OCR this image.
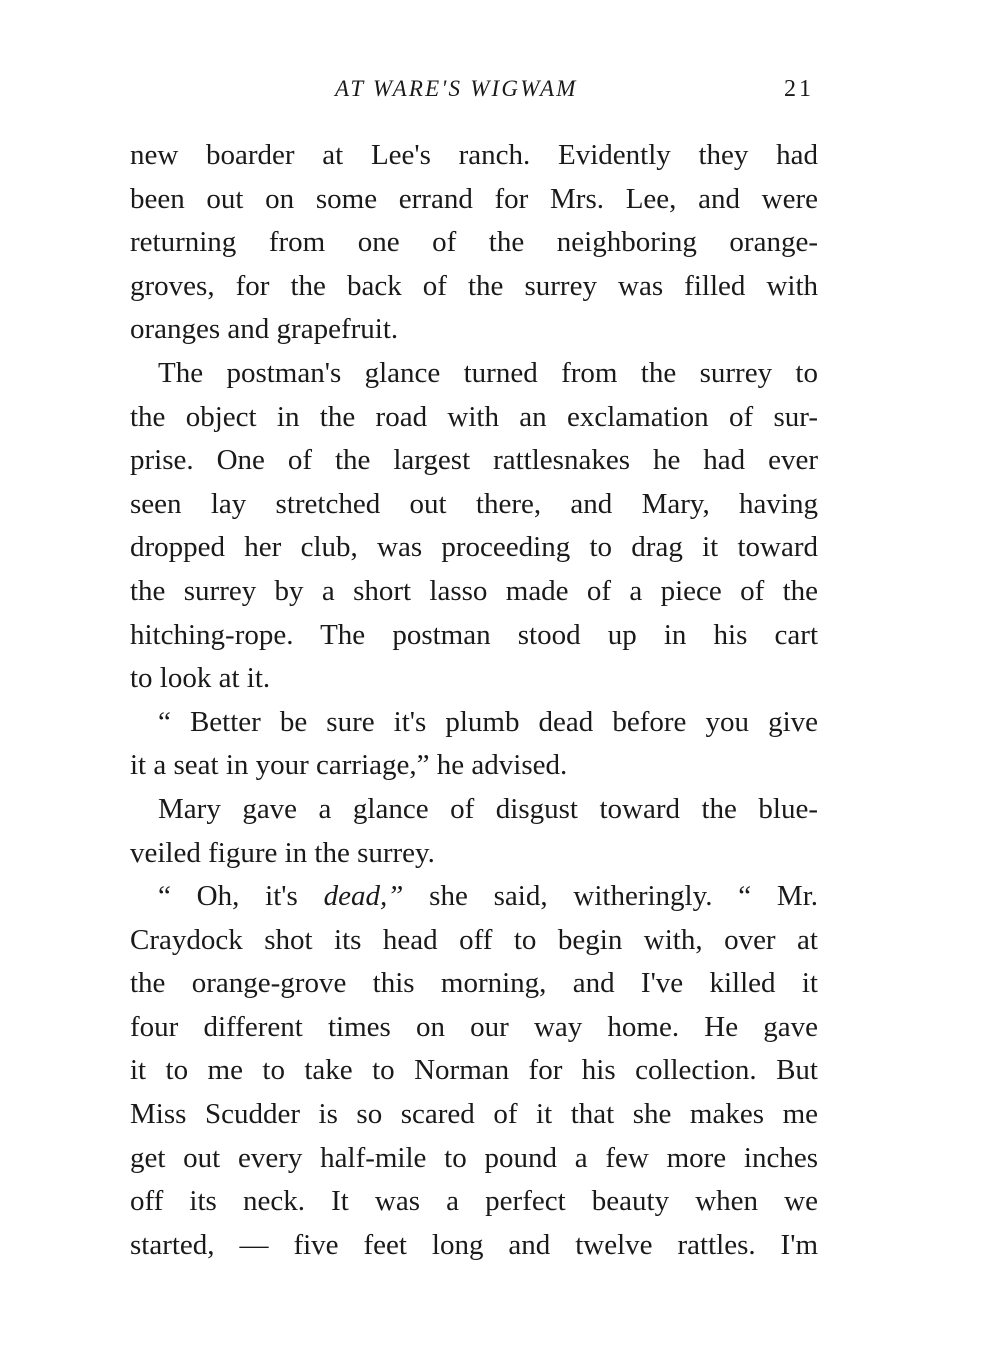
AT WARE'S WIGWAM	21

new boarder at Lee's ranch. Evidently they had
been out on some errand for Mrs. Lee, and were
returning from one of the neighboring orange-
groves, for the back of the surrey was filled with
oranges and grapefruit.

The postman's glance turned from the surrey to
the object in the road with an exclamation of sur-
prise. One of the largest rattlesnakes he had ever
seen lay stretched out there, and Mary, having
dropped her club, was proceeding to drag it toward
the surrey by a short lasso made of a piece of the
hitching-rope. The postman stood up in his cart
to look at it.

“ Better be sure it's plumb dead before you give
it a seat in your carriage,” he advised.

Mary gave a glance of disgust toward the blue-
veiled figure in the surrey.

“ Oh, it's dead,” she said, witheringly. “ Mr.
Craydock shot its head off to begin with, over at
the orange-grove this morning, and I've killed it
four different times on our way home. He gave
it to me to take to Norman for his collection. But
Miss Scudder is so scared of it that she makes me
get out every half-mile to pound a few more inches
off its neck. It was a perfect beauty when we
started, — five feet long and twelve rattles. I'm
